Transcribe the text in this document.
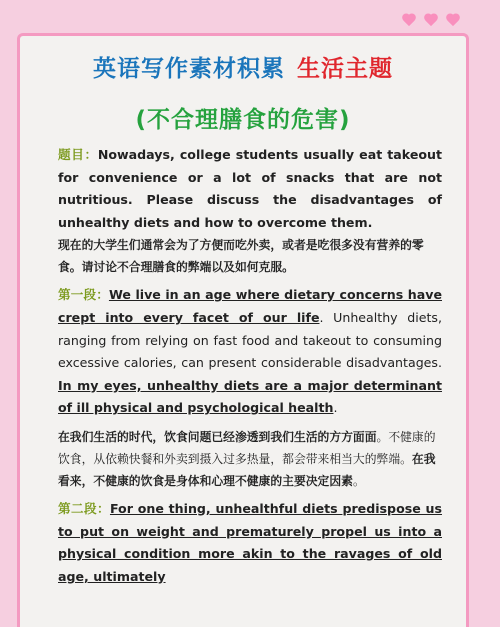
英语写作素材积累 生活主题
(不合理膳食的危害)
题目：Nowadays, college students usually eat takeout for convenience or a lot of snacks that are not nutritious. Please discuss the disadvantages of unhealthy diets and how to overcome them.
现在的大学生们通常会为了方便而吃外卖，或者是吃很多没有营养的零食。请讨论不合理膳食的弊端以及如何克服。
第一段：We live in an age where dietary concerns have crept into every facet of our life. Unhealthy diets, ranging from relying on fast food and takeout to consuming excessive calories, can present considerable disadvantages. In my eyes, unhealthy diets are a major determinant of ill physical and psychological health.
在我们生活的时代，饮食问题已经渗透到我们生活的方方面面。不健康的饮食，从依赖快餐和外卖到摄入过多热量，都会带来相当大的弊端。在我看来，不健康的饮食是身体和心理不健康的主要决定因素。
第二段：For one thing, unhealthful diets predispose us to put on weight and prematurely propel us into a physical condition more akin to the ravages of old age, ultimately
